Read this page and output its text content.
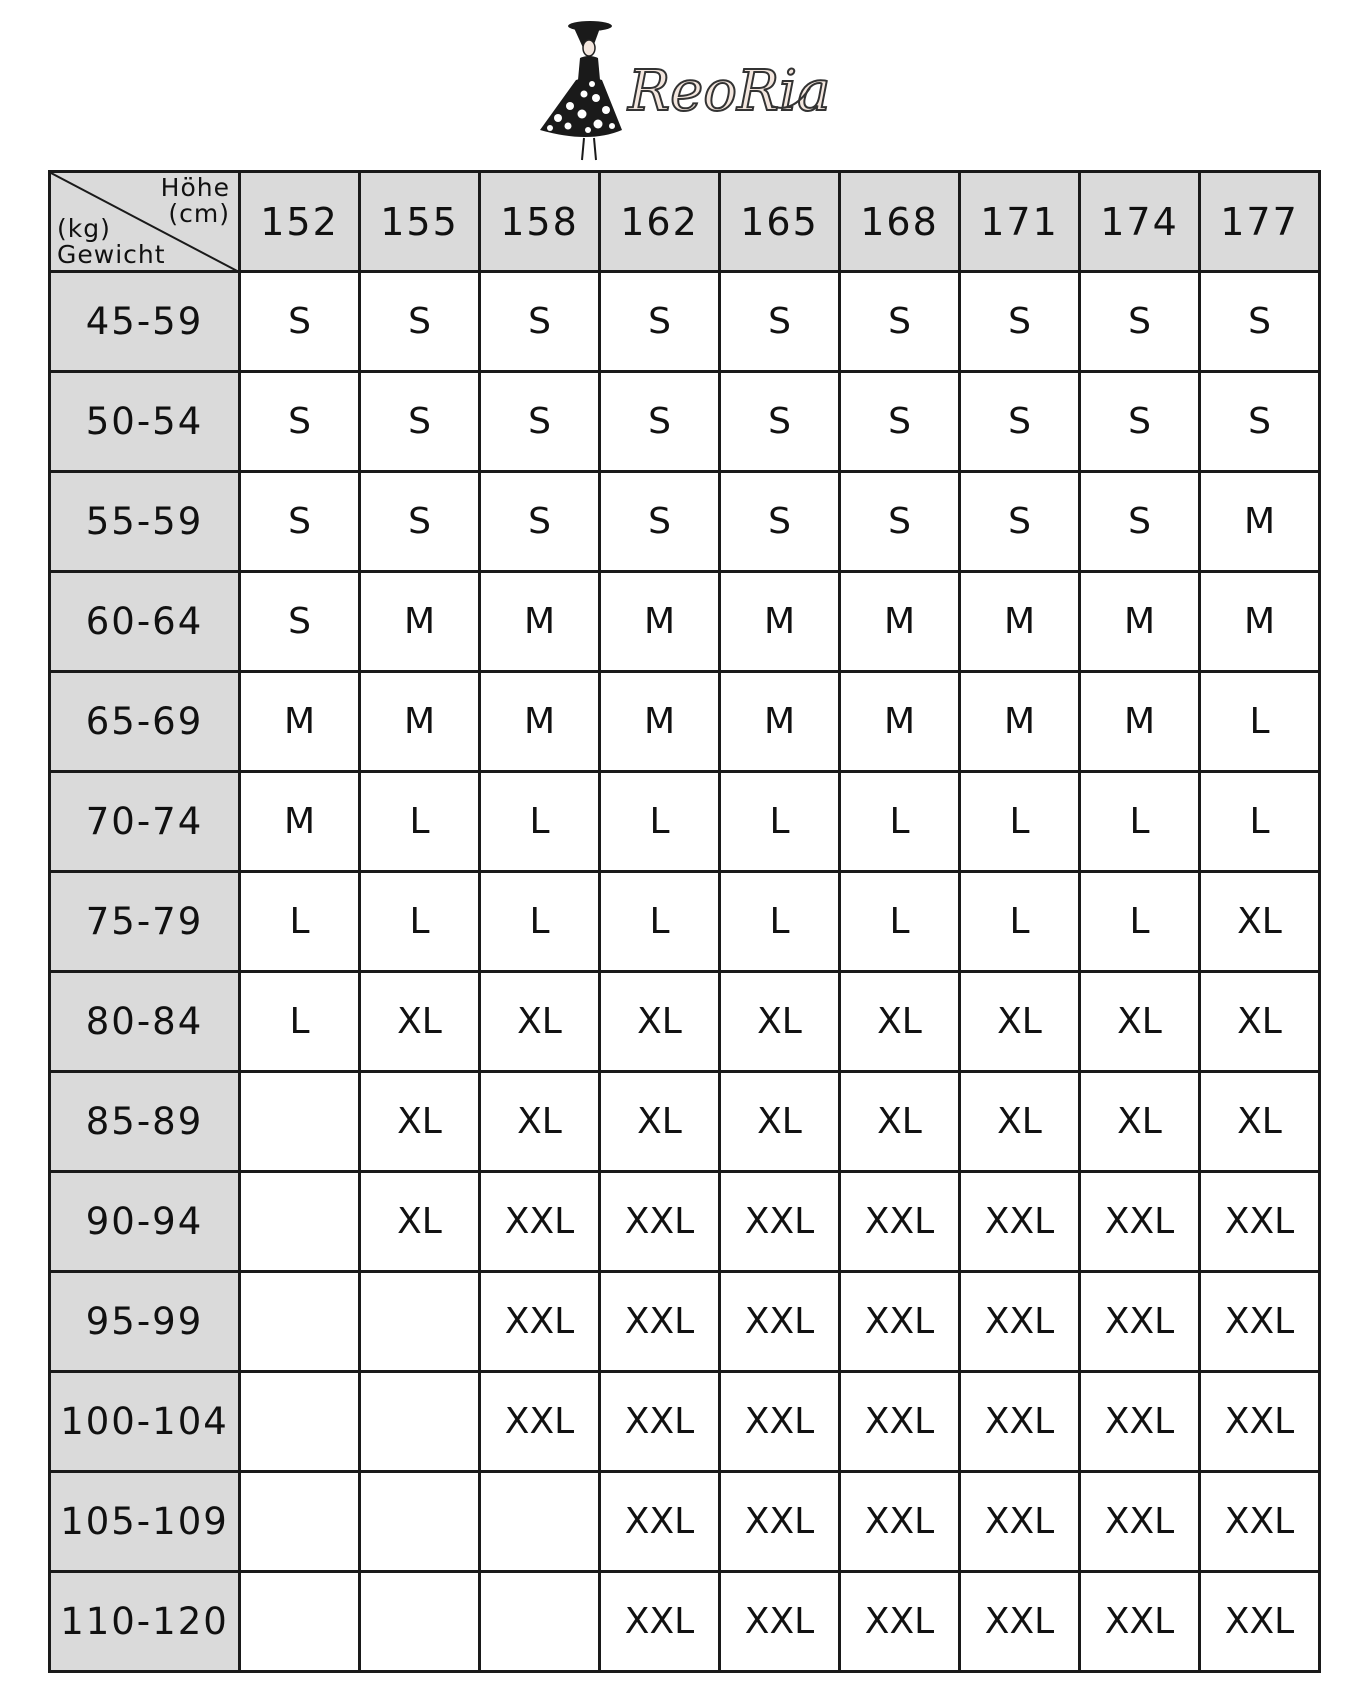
ReoRia
Höhe
(cm)
(kg)
Gewicht	152	155	158	162	165	168	171	174	177
45-59	S	S	S	S	S	S	S	S	S
50-54	S	S	S	S	S	S	S	S	S
55-59	S	S	S	S	S	S	S	S	M
60-64	S	M	M	M	M	M	M	M	M
65-69	M	M	M	M	M	M	M	M	L
70-74	M	L	L	L	L	L	L	L	L
75-79	L	L	L	L	L	L	L	L	XL
80-84	L	XL	XL	XL	XL	XL	XL	XL	XL
85-89		XL	XL	XL	XL	XL	XL	XL	XL
90-94		XL	XXL	XXL	XXL	XXL	XXL	XXL	XXL
95-99			XXL	XXL	XXL	XXL	XXL	XXL	XXL
100-104			XXL	XXL	XXL	XXL	XXL	XXL	XXL
105-109				XXL	XXL	XXL	XXL	XXL	XXL
110-120				XXL	XXL	XXL	XXL	XXL	XXL
